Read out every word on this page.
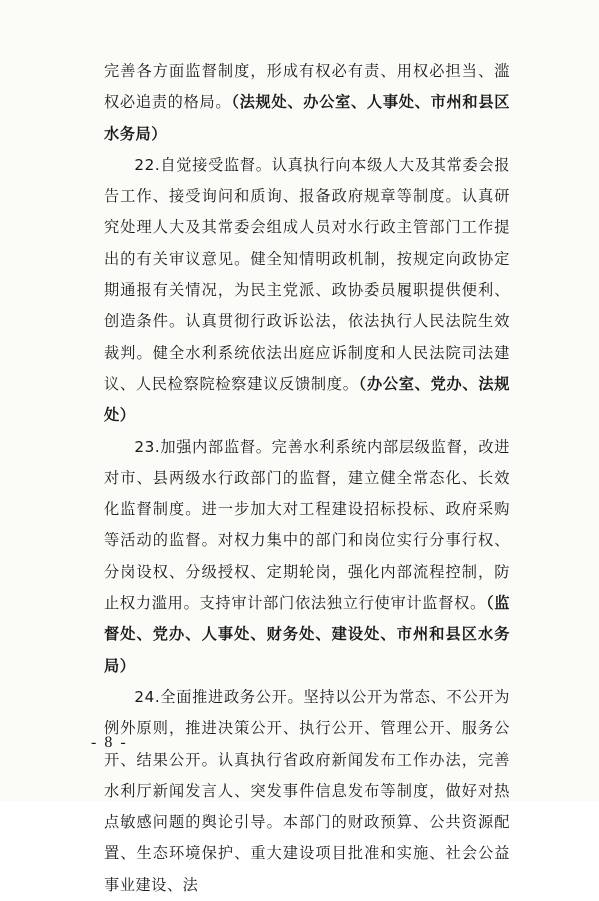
完善各方面监督制度，形成有权必有责、用权必担当、滥权必追责的格局。（法规处、办公室、人事处、市州和县区水务局）

22.自觉接受监督。认真执行向本级人大及其常委会报告工作、接受询问和质询、报备政府规章等制度。认真研究处理人大及其常委会组成人员对水行政主管部门工作提出的有关审议意见。健全知情明政机制，按规定向政协定期通报有关情况，为民主党派、政协委员履职提供便利、创造条件。认真贯彻行政诉讼法，依法执行人民法院生效裁判。健全水利系统依法出庭应诉制度和人民法院司法建议、人民检察院检察建议反馈制度。（办公室、党办、法规处）

23.加强内部监督。完善水利系统内部层级监督，改进对市、县两级水行政部门的监督，建立健全常态化、长效化监督制度。进一步加大对工程建设招标投标、政府采购等活动的监督。对权力集中的部门和岗位实行分事行权、分岗设权、分级授权、定期轮岗，强化内部流程控制，防止权力滥用。支持审计部门依法独立行使审计监督权。（监督处、党办、人事处、财务处、建设处、市州和县区水务局）

24.全面推进政务公开。坚持以公开为常态、不公开为例外原则，推进决策公开、执行公开、管理公开、服务公开、结果公开。认真执行省政府新闻发布工作办法，完善水利厅新闻发言人、突发事件信息发布等制度，做好对热点敏感问题的舆论引导。本部门的财政预算、公共资源配置、生态环境保护、重大建设项目批准和实施、社会公益事业建设、法

- 8 -
